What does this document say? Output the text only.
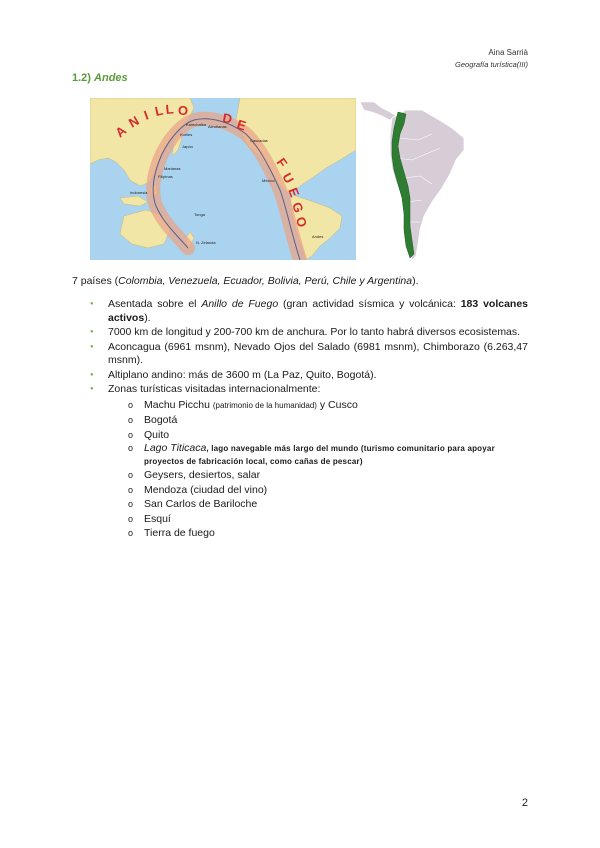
Aina Sarrià
Geografía turística(III)
1.2) Andes
A
N I L L O D E
F
U
E
G
O
Kamchatka
Kuriles
Japón
Filipinas
Marianas
Aleutianas
Indonesia
Tonga
N. Zelanda
Cascadas
México
Andes
7 países (Colombia, Venezuela, Ecuador, Bolivia, Perú, Chile y Argentina).
● Asentada sobre el Anillo de Fuego (gran actividad sísmica y volcánica: 183 volcanes activos).
● 7000 km de longitud y 200-700 km de anchura. Por lo tanto habrá diversos ecosistemas.
● Aconcagua (6961 msnm), Nevado Ojos del Salado (6981 msnm), Chimborazo (6.263,47 msnm).
● Altiplano andino: más de 3600 m (La Paz, Quito, Bogotá).
● Zonas turísticas visitadas internacionalmente:
o Machu Picchu (patrimonio de la humanidad) y Cusco
o Bogotá
o Quito
o Lago Titicaca, lago navegable más largo del mundo (turismo comunitario para apoyar proyectos de fabricación local, como cañas de pescar)
o Geysers, desiertos, salar
o Mendoza (ciudad del vino)
o San Carlos de Bariloche
o Esquí
o Tierra de fuego
2
